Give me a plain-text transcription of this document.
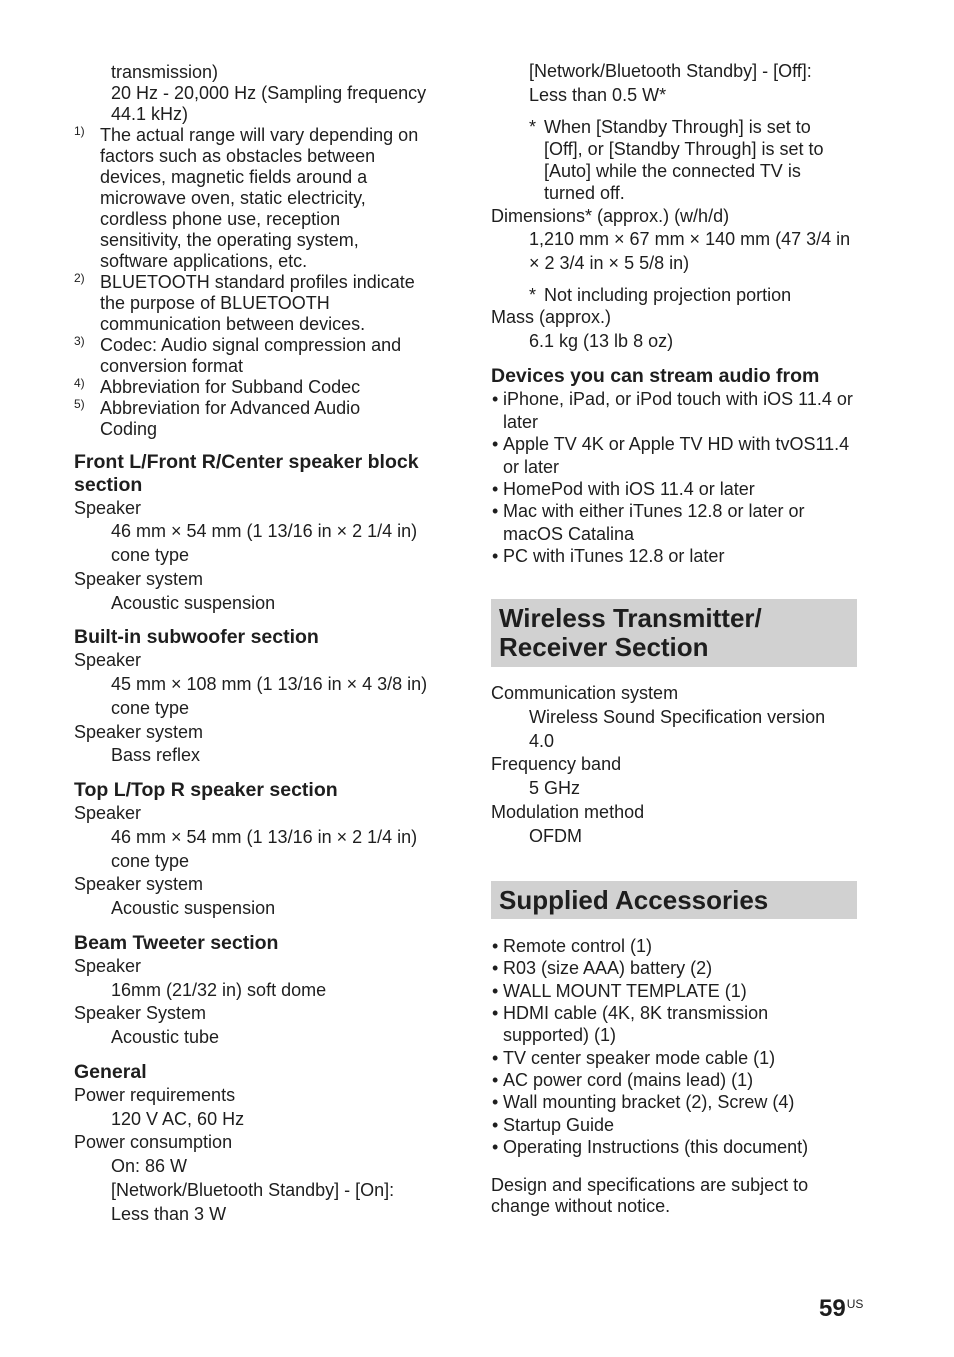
transmission)
20 Hz - 20,000 Hz (Sampling frequency
44.1 kHz)
1) The actual range will vary depending on
factors such as obstacles between
devices, magnetic fields around a
microwave oven, static electricity,
cordless phone use, reception
sensitivity, the operating system,
software applications, etc.
2) BLUETOOTH standard profiles indicate
the purpose of BLUETOOTH
communication between devices.
3) Codec: Audio signal compression and
conversion format
4) Abbreviation for Subband Codec
5) Abbreviation for Advanced Audio
Coding
Front L/Front R/Center speaker block
section
Speaker
46 mm × 54 mm (1 13/16 in × 2 1/4 in)
cone type
Speaker system
Acoustic suspension
Built-in subwoofer section
Speaker
45 mm × 108 mm (1 13/16 in × 4 3/8 in)
cone type
Speaker system
Bass reflex
Top L/Top R speaker section
Speaker
46 mm × 54 mm (1 13/16 in × 2 1/4 in)
cone type
Speaker system
Acoustic suspension
Beam Tweeter section
Speaker
16mm (21/32 in) soft dome
Speaker System
Acoustic tube
General
Power requirements
120 V AC, 60 Hz
Power consumption
On: 86 W
[Network/Bluetooth Standby] - [On]:
Less than 3 W
[Network/Bluetooth Standby] - [Off]:
Less than 0.5 W*
* When [Standby Through] is set to
[Off], or [Standby Through] is set to
[Auto] while the connected TV is
turned off.
Dimensions* (approx.) (w/h/d)
1,210 mm × 67 mm × 140 mm (47 3/4 in
× 2 3/4 in × 5 5/8 in)
* Not including projection portion
Mass (approx.)
6.1 kg (13 lb 8 oz)
Devices you can stream audio from
• iPhone, iPad, or iPod touch with iOS 11.4 or
later
• Apple TV 4K or Apple TV HD with tvOS11.4
or later
• HomePod with iOS 11.4 or later
• Mac with either iTunes 12.8 or later or
macOS Catalina
• PC with iTunes 12.8 or later
Wireless Transmitter/
Receiver Section
Communication system
Wireless Sound Specification version
4.0
Frequency band
5 GHz
Modulation method
OFDM
Supplied Accessories
• Remote control (1)
• R03 (size AAA) battery (2)
• WALL MOUNT TEMPLATE (1)
• HDMI cable (4K, 8K transmission
supported) (1)
• TV center speaker mode cable (1)
• AC power cord (mains lead) (1)
• Wall mounting bracket (2), Screw (4)
• Startup Guide
• Operating Instructions (this document)
Design and specifications are subject to
change without notice.
$59^{US}$
